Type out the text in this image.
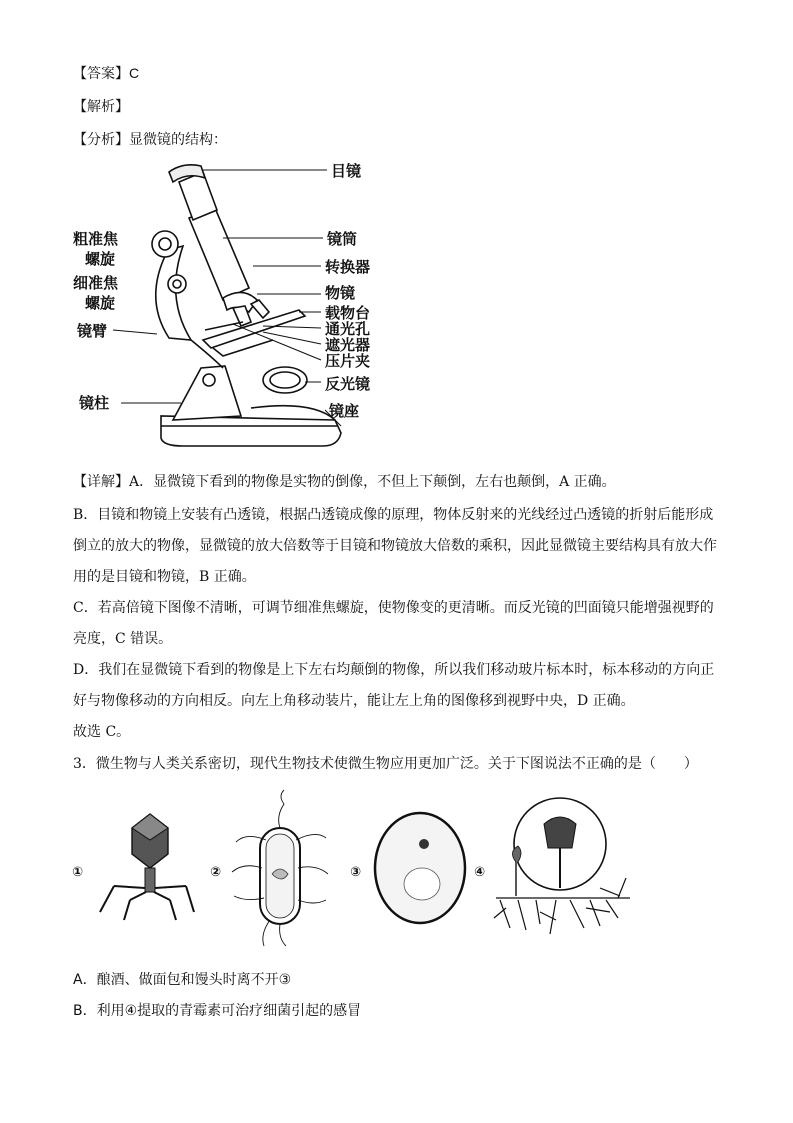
【答案】C
【解析】
【分析】显微镜的结构：
目镜
镜筒
转换器
物镜
载物台
通光孔
遮光器
压片夹
反光镜
镜座
粗准焦
螺旋
细准焦
螺旋
镜臂
镜柱
【详解】A．显微镜下看到的物像是实物的倒像，不但上下颠倒，左右也颠倒，A 正确。
B．目镜和物镜上安装有凸透镜，根据凸透镜成像的原理，物体反射来的光线经过凸透镜的折射后能形成
倒立的放大的物像，显微镜的放大倍数等于目镜和物镜放大倍数的乘积，因此显微镜主要结构具有放大作
用的是目镜和物镜，B 正确。
C．若高倍镜下图像不清晰，可调节细准焦螺旋，使物像变的更清晰。而反光镜的凹面镜只能增强视野的
亮度，C 错误。
D．我们在显微镜下看到的物像是上下左右均颠倒的物像，所以我们移动玻片标本时，标本移动的方向正
好与物像移动的方向相反。向左上角移动装片，能让左上角的图像移到视野中央，D 正确。
故选 C。
3．微生物与人类关系密切，现代生物技术使微生物应用更加广泛。关于下图说法不正确的是（　　）
①	②	③	④
A．酿酒、做面包和馒头时离不开③
B．利用④提取的青霉素可治疗细菌引起的感冒
